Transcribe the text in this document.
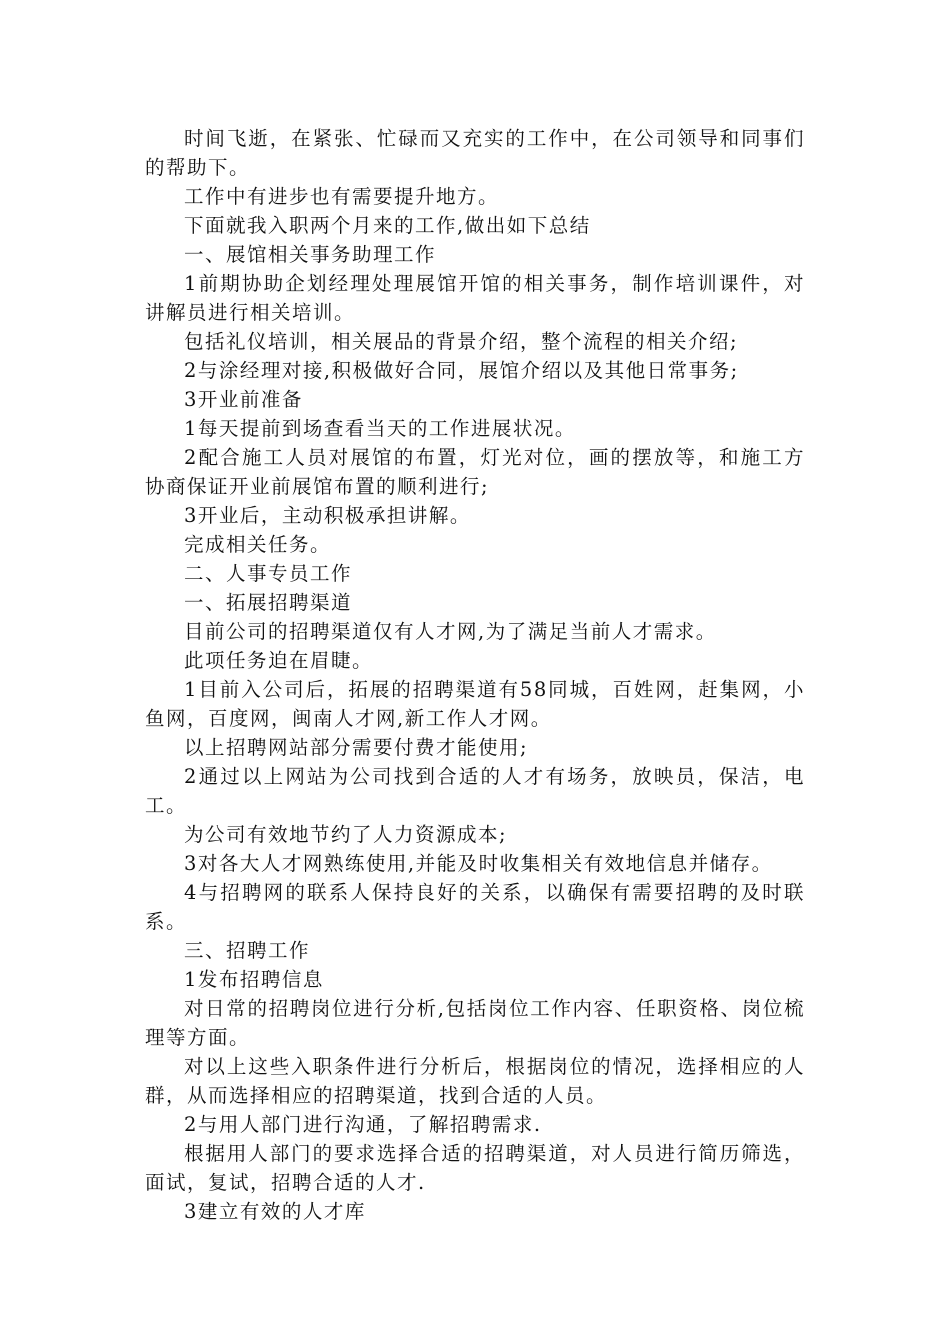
时间飞逝，在紧张、忙碌而又充实的工作中，在公司领导和同事们的帮助下。

工作中有进步也有需要提升地方。

下面就我入职两个月来的工作,做出如下总结

一、展馆相关事务助理工作

1前期协助企划经理处理展馆开馆的相关事务，制作培训课件，对讲解员进行相关培训。

包括礼仪培训，相关展品的背景介绍，整个流程的相关介绍;

2与涂经理对接,积极做好合同，展馆介绍以及其他日常事务;

3开业前准备

1每天提前到场查看当天的工作进展状况。

2配合施工人员对展馆的布置，灯光对位，画的摆放等，和施工方协商保证开业前展馆布置的顺利进行;

3开业后，主动积极承担讲解。

完成相关任务。

二、人事专员工作

一、拓展招聘渠道

目前公司的招聘渠道仅有人才网,为了满足当前人才需求。

此项任务迫在眉睫。

1目前入公司后，拓展的招聘渠道有58同城，百姓网，赶集网，小鱼网，百度网，闽南人才网,新工作人才网。

以上招聘网站部分需要付费才能使用;

2通过以上网站为公司找到合适的人才有场务，放映员，保洁，电工。

为公司有效地节约了人力资源成本;

3对各大人才网熟练使用,并能及时收集相关有效地信息并储存。

4与招聘网的联系人保持良好的关系，以确保有需要招聘的及时联系。

三、招聘工作

1发布招聘信息

对日常的招聘岗位进行分析,包括岗位工作内容、任职资格、岗位梳理等方面。

对以上这些入职条件进行分析后，根据岗位的情况，选择相应的人群，从而选择相应的招聘渠道，找到合适的人员。

2与用人部门进行沟通，了解招聘需求.

根据用人部门的要求选择合适的招聘渠道，对人员进行简历筛选，面试，复试，招聘合适的人才.

3建立有效的人才库
